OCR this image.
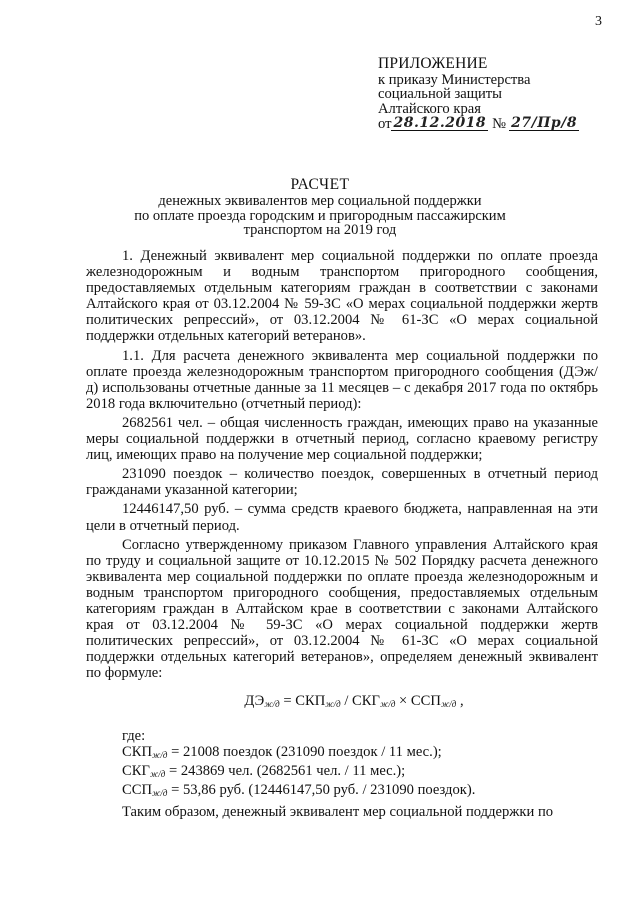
3
ПРИЛОЖЕНИЕ
к приказу Министерства
социальной защиты
Алтайского края
от 28.12.2018 № 27/Пр/8
РАСЧЕТ
денежных эквивалентов мер социальной поддержки
по оплате проезда городским и пригородным пассажирским
транспортом на 2019 год

1. Денежный эквивалент мер социальной поддержки по оплате проезда железнодорожным и водным транспортом пригородного сообщения, предоставляемых отдельным категориям граждан в соответствии с законами Алтайского края от 03.12.2004 № 59-ЗС «О мерах социальной поддержки жертв политических репрессий», от 03.12.2004 № 61-ЗС «О мерах социальной поддержки отдельных категорий ветеранов».

1.1. Для расчета денежного эквивалента мер социальной поддержки по оплате проезда железнодорожным транспортом пригородного сообщения (ДЭж/д) использованы отчетные данные за 11 месяцев – с декабря 2017 года по октябрь 2018 года включительно (отчетный период):

2682561 чел. – общая численность граждан, имеющих право на указанные меры социальной поддержки в отчетный период, согласно краевому регистру лиц, имеющих право на получение мер социальной поддержки;

231090 поездок – количество поездок, совершенных в отчетный период гражданами указанной категории;

12446147,50 руб. – сумма средств краевого бюджета, направленная на эти цели в отчетный период.

Согласно утвержденному приказом Главного управления Алтайского края по труду и социальной защите от 10.12.2015 № 502 Порядку расчета денежного эквивалента мер социальной поддержки по оплате проезда железнодорожным и водным транспортом пригородного сообщения, предоставляемых отдельным категориям граждан в Алтайском крае в соответствии с законами Алтайского края от 03.12.2004 № 59-ЗС «О мерах социальной поддержки жертв политических репрессий», от 03.12.2004 № 61-ЗС «О мерах социальной поддержки отдельных категорий ветеранов», определяем денежный эквивалент по формуле:

$ДЭ_{ж/д} = СКП_{ж/д} / СКГ_{ж/д} \times ССП_{ж/д}$ ,
где:
$СКП_{ж/д} = 21008$ поездок (231090 поездок / 11 мес.);
$СКГ_{ж/д} = 243869$ чел. (2682561 чел. / 11 мес.);
$ССП_{ж/д} = 53,86$ руб. (12446147,50 руб. / 231090 поездок).

Таким образом, денежный эквивалент мер социальной поддержки по
